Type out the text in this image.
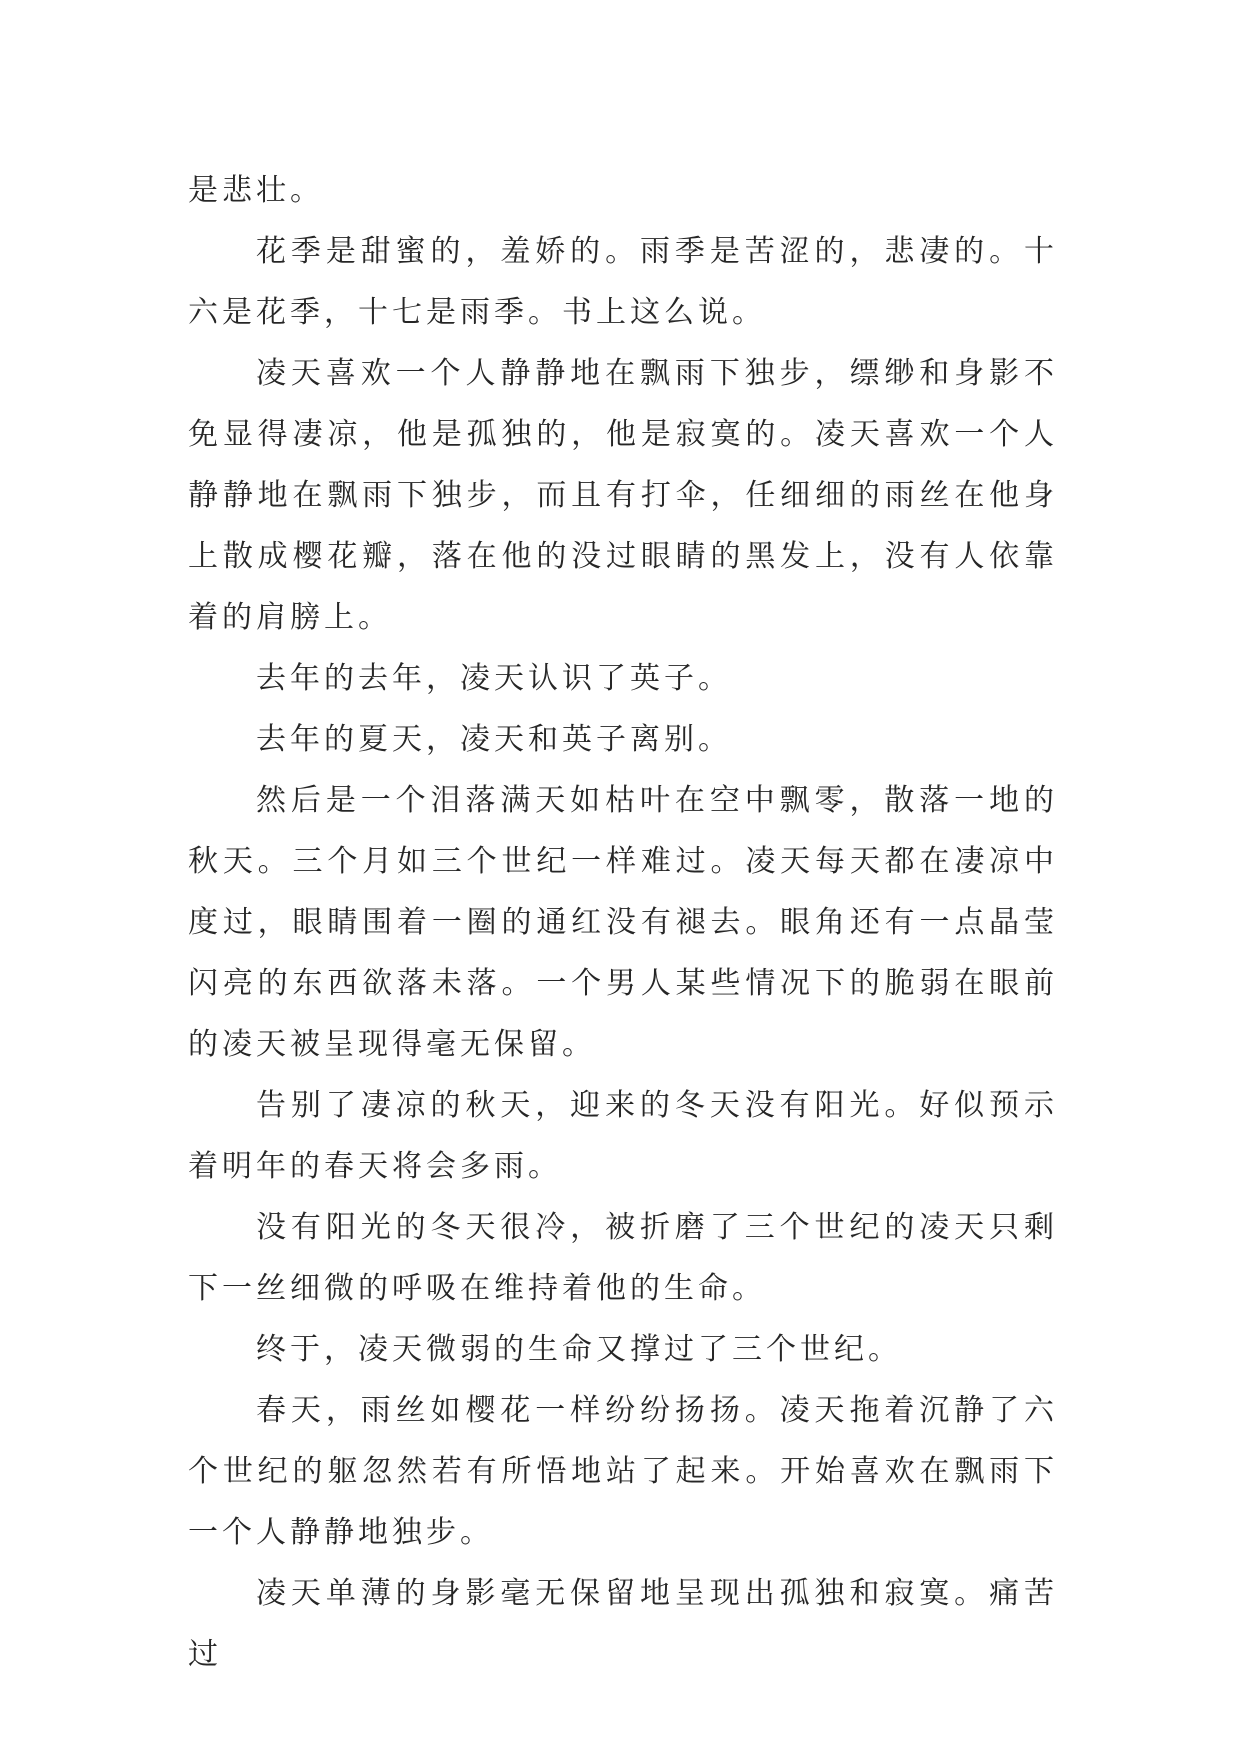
是悲壮。

花季是甜蜜的，羞娇的。雨季是苦涩的，悲凄的。十六是花季，十七是雨季。书上这么说。

凌天喜欢一个人静静地在飘雨下独步，缥缈和身影不免显得凄凉，他是孤独的，他是寂寞的。凌天喜欢一个人静静地在飘雨下独步，而且有打伞，任细细的雨丝在他身上散成樱花瓣，落在他的没过眼睛的黑发上，没有人依靠着的肩膀上。

去年的去年，凌天认识了英子。

去年的夏天，凌天和英子离别。

然后是一个泪落满天如枯叶在空中飘零，散落一地的秋天。三个月如三个世纪一样难过。凌天每天都在凄凉中度过，眼睛围着一圈的通红没有褪去。眼角还有一点晶莹闪亮的东西欲落未落。一个男人某些情况下的脆弱在眼前的凌天被呈现得毫无保留。

告别了凄凉的秋天，迎来的冬天没有阳光。好似预示着明年的春天将会多雨。

没有阳光的冬天很冷，被折磨了三个世纪的凌天只剩下一丝细微的呼吸在维持着他的生命。

终于，凌天微弱的生命又撑过了三个世纪。

春天，雨丝如樱花一样纷纷扬扬。凌天拖着沉静了六个世纪的躯忽然若有所悟地站了起来。开始喜欢在飘雨下一个人静静地独步。

凌天单薄的身影毫无保留地呈现出孤独和寂寞。痛苦过
